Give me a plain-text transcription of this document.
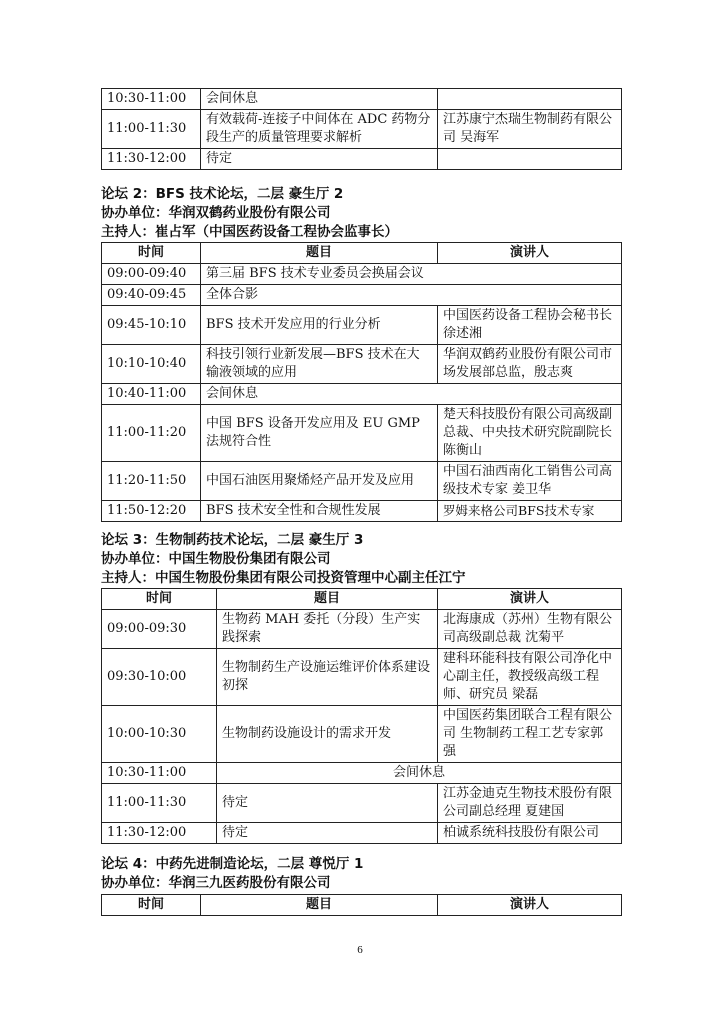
10:30-11:00	会间休息	
11:00-11:30	有效载荷-连接子中间体在 ADC 药物分段生产的质量管理要求解析	江苏康宁杰瑞生物制药有限公司 吴海军
11:30-12:00	待定	
论坛 2：BFS 技术论坛，二层 豪生厅 2
协办单位：华润双鹤药业股份有限公司
主持人：崔占军（中国医药设备工程协会监事长）
时间	题目	演讲人
09:00-09:40	第三届 BFS 技术专业委员会换届会议	
09:40-09:45	全体合影	
09:45-10:10	BFS 技术开发应用的行业分析	中国医药设备工程协会秘书长 徐述湘
10:10-10:40	科技引领行业新发展—BFS 技术在大输液领域的应用	华润双鹤药业股份有限公司市场发展部总监，殷志爽
10:40-11:00	会间休息	
11:00-11:20	中国 BFS 设备开发应用及 EU GMP 法规符合性	楚天科技股份有限公司高级副总裁、中央技术研究院副院长 陈衡山
11:20-11:50	中国石油医用聚烯烃产品开发及应用	中国石油西南化工销售公司高级技术专家 姜卫华
11:50-12:20	BFS 技术安全性和合规性发展	罗姆来格公司BFS技术专家
论坛 3：生物制药技术论坛，二层 豪生厅 3
协办单位：中国生物股份集团有限公司
主持人：中国生物股份集团有限公司投资管理中心副主任江宁
时间	题目	演讲人
09:00-09:30	生物药 MAH 委托（分段）生产实践探索	北海康成（苏州）生物有限公司高级副总裁 沈菊平
09:30-10:00	生物制药生产设施运维评价体系建设初探	建科环能科技有限公司净化中心副主任，教授级高级工程师、研究员 梁磊
10:00-10:30	生物制药设施设计的需求开发	中国医药集团联合工程有限公司 生物制药工程工艺专家郭强
10:30-11:00	会间休息	
11:00-11:30	待定	江苏金迪克生物技术股份有限公司副总经理 夏建国
11:30-12:00	待定	柏诚系统科技股份有限公司
论坛 4：中药先进制造论坛，二层 尊悦厅 1
协办单位：华润三九医药股份有限公司
时间	题目	演讲人
6
